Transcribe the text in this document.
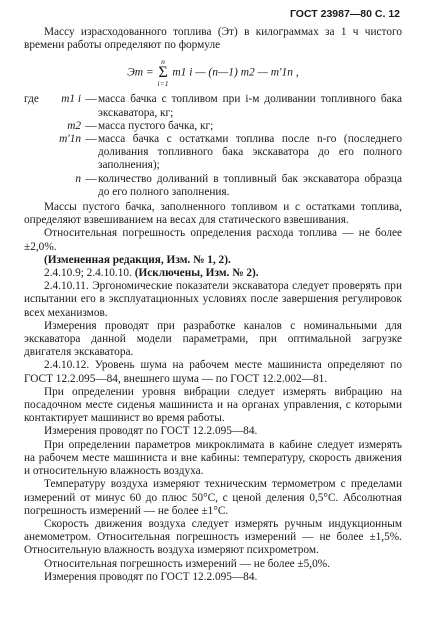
ГОСТ 23987—80 С. 12

Массу израсходованного топлива (Эт) в килограммах за 1 ч чистого времени работы определяют по формуле

Эт =
n
Σ
i=1
m1 i — (n—1) m2 — m′1n ,
где m1 i — масса бачка с топливом при i-м доливании топливного бака экскаватора, кг;
m2 — масса пустого бачка, кг;
m′1n — масса бачка с остатками топлива после n-го (последнего доливания топливного бака экскаватора до его полного заполнения);
n — количество доливаний в топливный бак экскаватора образца до его полного заполнения.

Массы пустого бачка, заполненного топливом и с остатками топлива, определяют взвешиванием на весах для статического взвешивания.

Относительная погрешность определения расхода топлива — не более ±2,0%.

(Измененная редакция, Изм. № 1, 2).

2.4.10.9; 2.4.10.10. (Исключены, Изм. № 2).

2.4.10.11. Эргономические показатели экскаватора следует проверять при испытании его в эксплуатационных условиях после завершения регулировок всех механизмов.

Измерения проводят при разработке каналов с номинальными для экскаватора данной модели параметрами, при оптимальной загрузке двигателя экскаватора.

2.4.10.12. Уровень шума на рабочем месте машиниста определяют по ГОСТ 12.2.095—84, внешнего шума — по ГОСТ 12.2.002—81.

При определении уровня вибрации следует измерять вибрацию на посадочном месте сиденья машиниста и на органах управления, с которыми контактирует машинист во время работы.

Измерения проводят по ГОСТ 12.2.095—84.

При определении параметров микроклимата в кабине следует измерять на рабочем месте машиниста и вне кабины: температуру, скорость движения и относительную влажность воздуха.

Температуру воздуха измеряют техническим термометром с пределами измерений от минус 60 до плюс 50°С, с ценой деления 0,5°С. Абсолютная погрешность измерений — не более ±1°С.

Скорость движения воздуха следует измерять ручным индукционным анемометром. Относительная погрешность измерений — не более ±1,5%. Относительную влажность воздуха измеряют психрометром.

Относительная погрешность измерений — не более ±5,0%.

Измерения проводят по ГОСТ 12.2.095—84.
